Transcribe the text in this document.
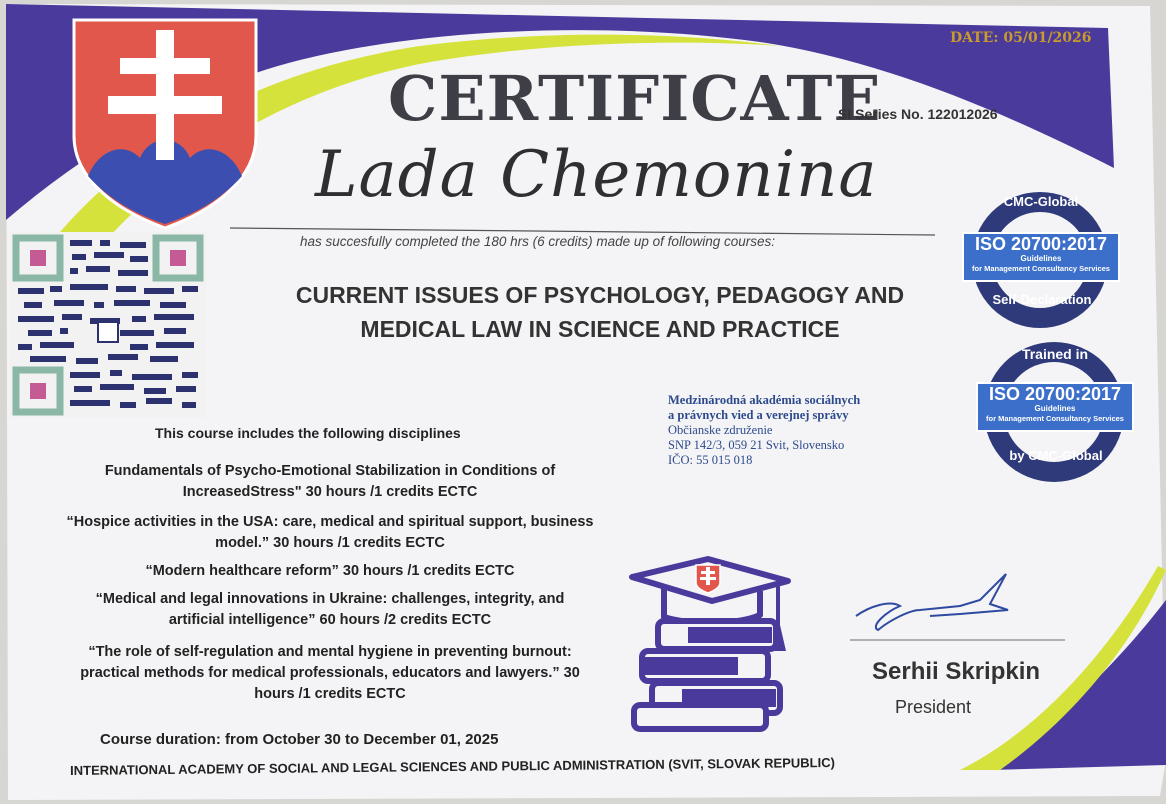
DATE: 05/01/2026
CERTIFICATE
SI Series No. 122012026
Lada Chemonina
has succesfully completed the 180 hrs (6 credits) made up of following courses:
CURRENT ISSUES OF PSYCHOLOGY, PEDAGOGY AND
MEDICAL LAW IN SCIENCE AND PRACTICE
Medzinárodná akadémia sociálnych
a právnych vied a verejnej správy
Občianske združenie
SNP 142/3, 059 21 Svit, Slovensko
IČO: 55 015 018
This course includes the following disciplines
Fundamentals of Psycho-Emotional Stabilization in Conditions of
IncreasedStress" 30 hours /1 credits ECTC
“Hospice activities in the USA: care, medical and spiritual support, business
model.” 30 hours /1 credits ECTC
“Modern healthcare reform” 30 hours /1 credits ECTC
“Medical and legal innovations in Ukraine: challenges, integrity, and
artificial intelligence” 60 hours /2 credits ECTC
“The role of self-regulation and mental hygiene in preventing burnout:
practical methods for medical professionals, educators and lawyers.” 30
hours /1 credits ECTC
Course duration: from October 30 to December 01, 2025
INTERNATIONAL ACADEMY OF SOCIAL AND LEGAL SCIENCES AND PUBLIC ADMINISTRATION (SVIT, SLOVAK REPUBLIC)
Serhii Skripkin
President
CMC-Global
ISO 20700:2017
Guidelines
for Management Consultancy Services
Self-Declaration
Trained in
ISO 20700:2017
Guidelines
for Management Consultancy Services
by CMC-Global
